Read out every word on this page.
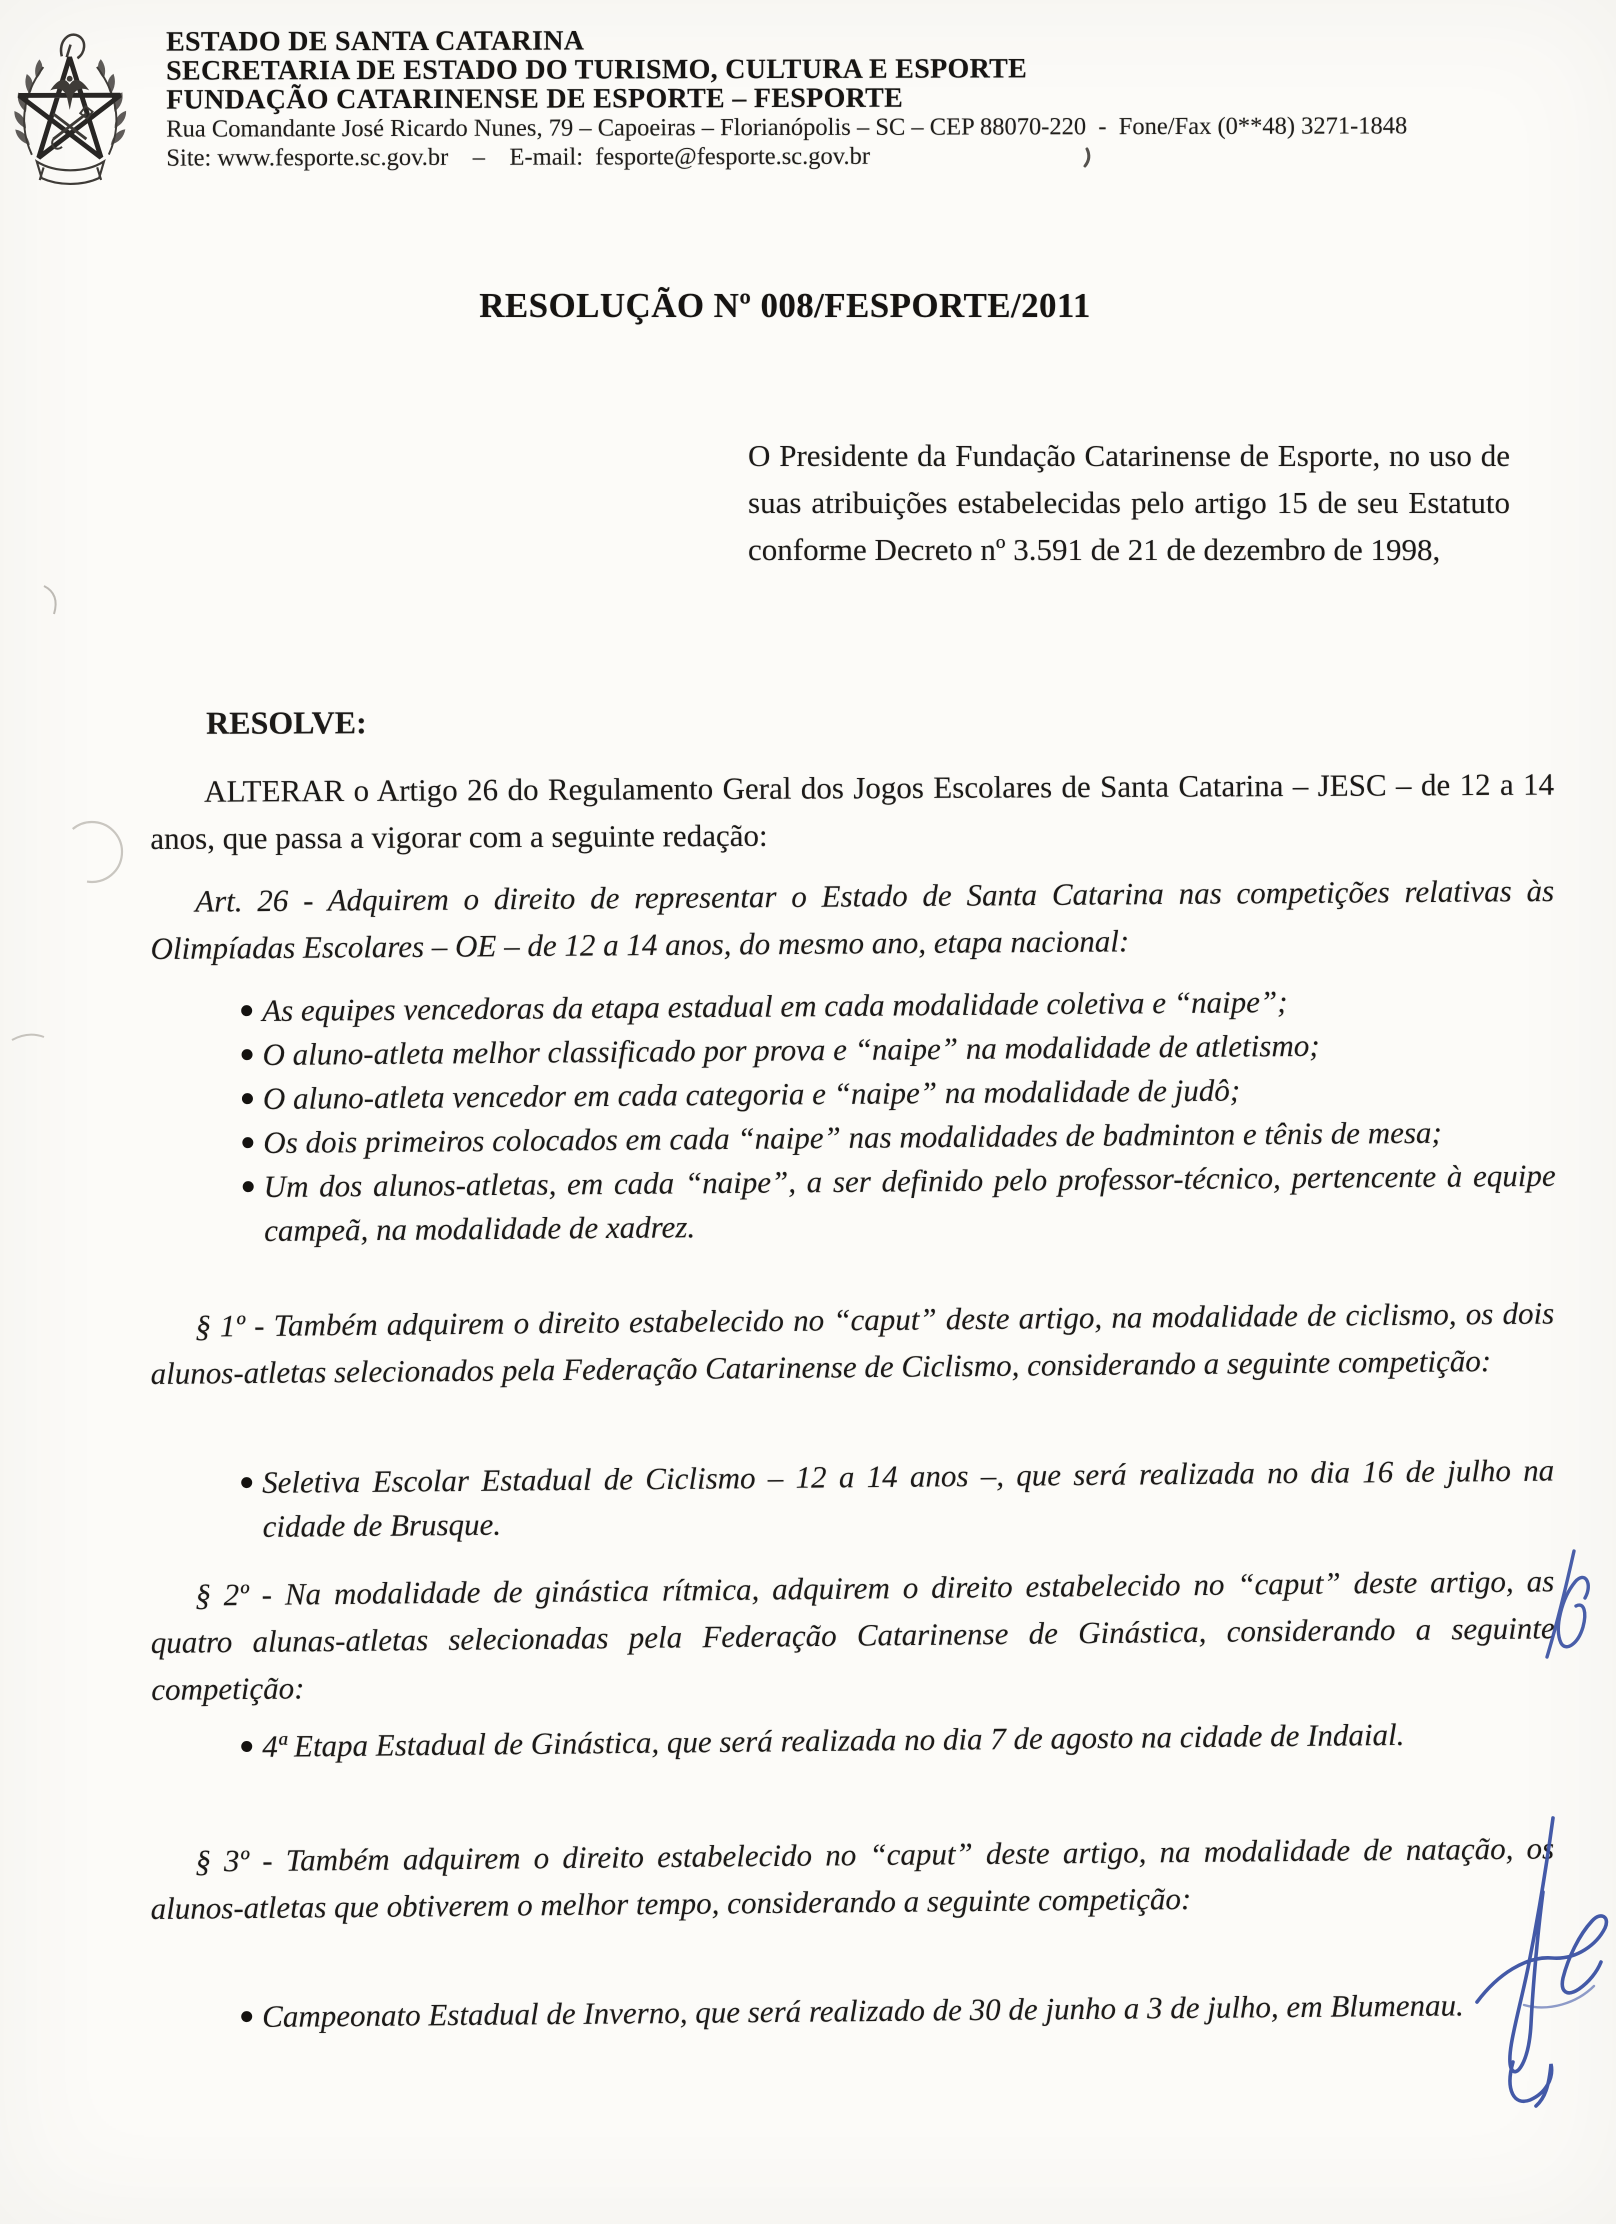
ESTADO DE SANTA CATARINA
SECRETARIA DE ESTADO DO TURISMO, CULTURA E ESPORTE
FUNDAÇÃO CATARINENSE DE ESPORTE – FESPORTE
Rua Comandante José Ricardo Nunes, 79 – Capoeiras – Florianópolis – SC – CEP 88070-220  -  Fone/Fax (0**48) 3271-1848
Site: www.fesporte.sc.gov.br    –    E-mail:  fesporte@fesporte.sc.gov.br
RESOLUÇÃO Nº 008/FESPORTE/2011
O Presidente da Fundação Catarinense de Esporte, no uso de suas atribuições estabelecidas pelo artigo 15 de seu Estatuto conforme Decreto nº 3.591 de 21 de dezembro de 1998,
RESOLVE:
ALTERAR o Artigo 26 do Regulamento Geral dos Jogos Escolares de Santa Catarina – JESC – de 12 a 14 anos, que passa a vigorar com a seguinte redação:
Art. 26 - Adquirem o direito de representar o Estado de Santa Catarina nas competições relativas às Olimpíadas Escolares – OE – de 12 a 14 anos, do mesmo ano, etapa nacional:
As equipes vencedoras da etapa estadual em cada modalidade coletiva e “naipe”;
O aluno-atleta melhor classificado por prova e “naipe” na modalidade de atletismo;
O aluno-atleta vencedor em cada categoria e “naipe” na modalidade de judô;
Os dois primeiros colocados em cada “naipe” nas modalidades de badminton e tênis de mesa;
Um dos alunos-atletas, em cada “naipe”, a ser definido pelo professor-técnico, pertencente à equipe campeã, na modalidade de xadrez.
§ 1º - Também adquirem o direito estabelecido no “caput” deste artigo, na modalidade de ciclismo, os dois alunos-atletas selecionados pela Federação Catarinense de Ciclismo, considerando a seguinte competição:
Seletiva Escolar Estadual de Ciclismo – 12 a 14 anos –, que será realizada no dia 16 de julho na cidade de Brusque.
§ 2º - Na modalidade de ginástica rítmica, adquirem o direito estabelecido no “caput” deste artigo, as quatro alunas-atletas selecionadas pela Federação Catarinense de Ginástica, considerando a seguinte competição:
4ª Etapa Estadual de Ginástica, que será realizada no dia 7 de agosto na cidade de Indaial.
§ 3º - Também adquirem o direito estabelecido no “caput” deste artigo, na modalidade de natação, os alunos-atletas que obtiverem o melhor tempo, considerando a seguinte competição:
Campeonato Estadual de Inverno, que será realizado de 30 de junho a 3 de julho, em Blumenau.
